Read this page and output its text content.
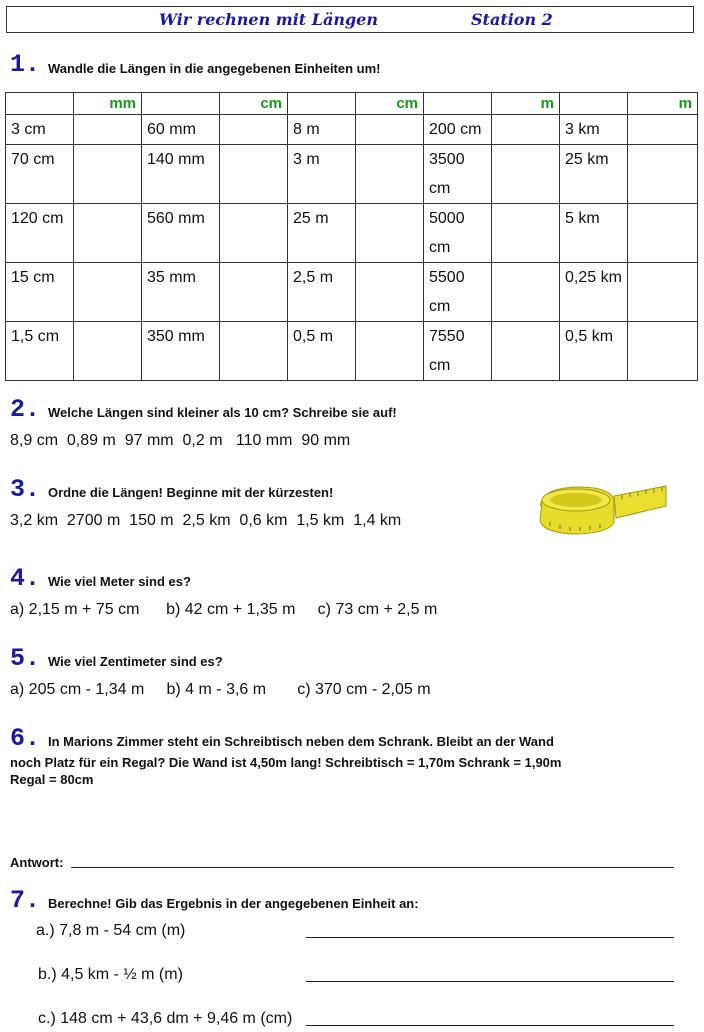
Wir rechnen mit Längen	Station 2
1. Wandle die Längen in die angegebenen Einheiten um!
	mm		cm		cm		m		m
3 cm		60 mm		8 m		200 cm		3 km	
70 cm		140 mm		3 m		3500 cm		25 km	
120 cm		560 mm		25 m		5000 cm		5 km	
15 cm		35 mm		2,5 m		5500 cm		0,25 km	
1,5 cm		350 mm		0,5 m		7550 cm		0,5 km	
2. Welche Längen sind kleiner als 10 cm? Schreibe sie auf!
8,9 cm  0,89 m  97 mm  0,2 m   110 mm  90 mm
3. Ordne die Längen! Beginne mit der kürzesten!
3,2 km  2700 m  150 m  2,5 km  0,6 km  1,5 km  1,4 km
4. Wie viel Meter sind es?
a) 2,15 m + 75 cm      b) 42 cm + 1,35 m     c) 73 cm + 2,5 m
5. Wie viel Zentimeter sind es?
a) 205 cm - 1,34 m     b) 4 m - 3,6 m       c) 370 cm - 2,05 m
6. In Marions Zimmer steht ein Schreibtisch neben dem Schrank. Bleibt an der Wand
noch Platz für ein Regal? Die Wand ist 4,50m lang! Schreibtisch = 1,70m Schrank = 1,90m
Regal = 80cm
Antwort:
7. Berechne! Gib das Ergebnis in der angegebenen Einheit an:
a.) 7,8 m - 54 cm (m)
b.) 4,5 km - ½ m (m)
c.) 148 cm + 43,6 dm + 9,46 m (cm)
